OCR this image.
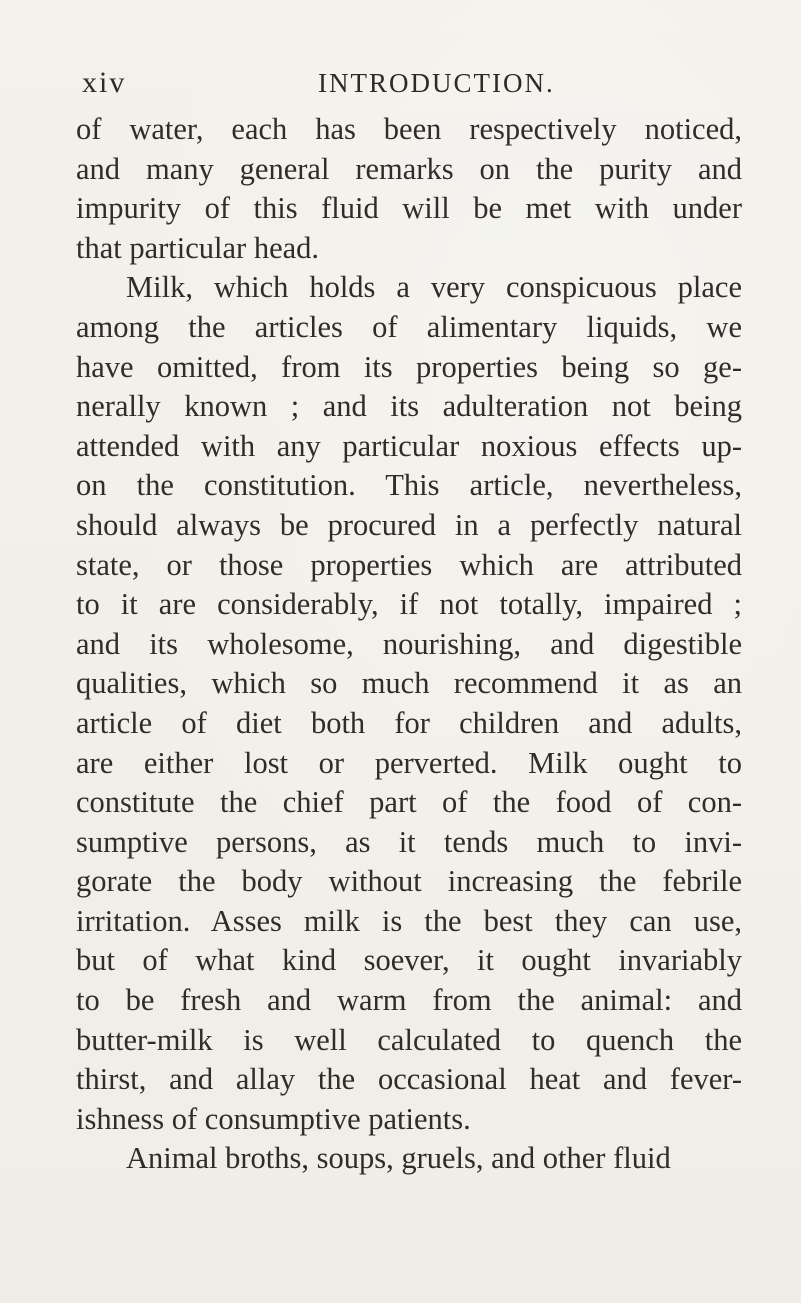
xiv	INTRODUCTION.
of water, each has been respectively noticed,
and many general remarks on the purity and
impurity of this fluid will be met with under
that particular head.
Milk, which holds a very conspicuous place
among the articles of alimentary liquids, we
have omitted, from its properties being so ge-
nerally known ; and its adulteration not being
attended with any particular noxious effects up-
on the constitution. This article, nevertheless,
should always be procured in a perfectly natural
state, or those properties which are attributed
to it are considerably, if not totally, impaired ;
and its wholesome, nourishing, and digestible
qualities, which so much recommend it as an
article of diet both for children and adults,
are either lost or perverted. Milk ought to
constitute the chief part of the food of con-
sumptive persons, as it tends much to invi-
gorate the body without increasing the febrile
irritation. Asses milk is the best they can use,
but of what kind soever, it ought invariably
to be fresh and warm from the animal: and
butter-milk is well calculated to quench the
thirst, and allay the occasional heat and fever-
ishness of consumptive patients.
Animal broths, soups, gruels, and other fluid
